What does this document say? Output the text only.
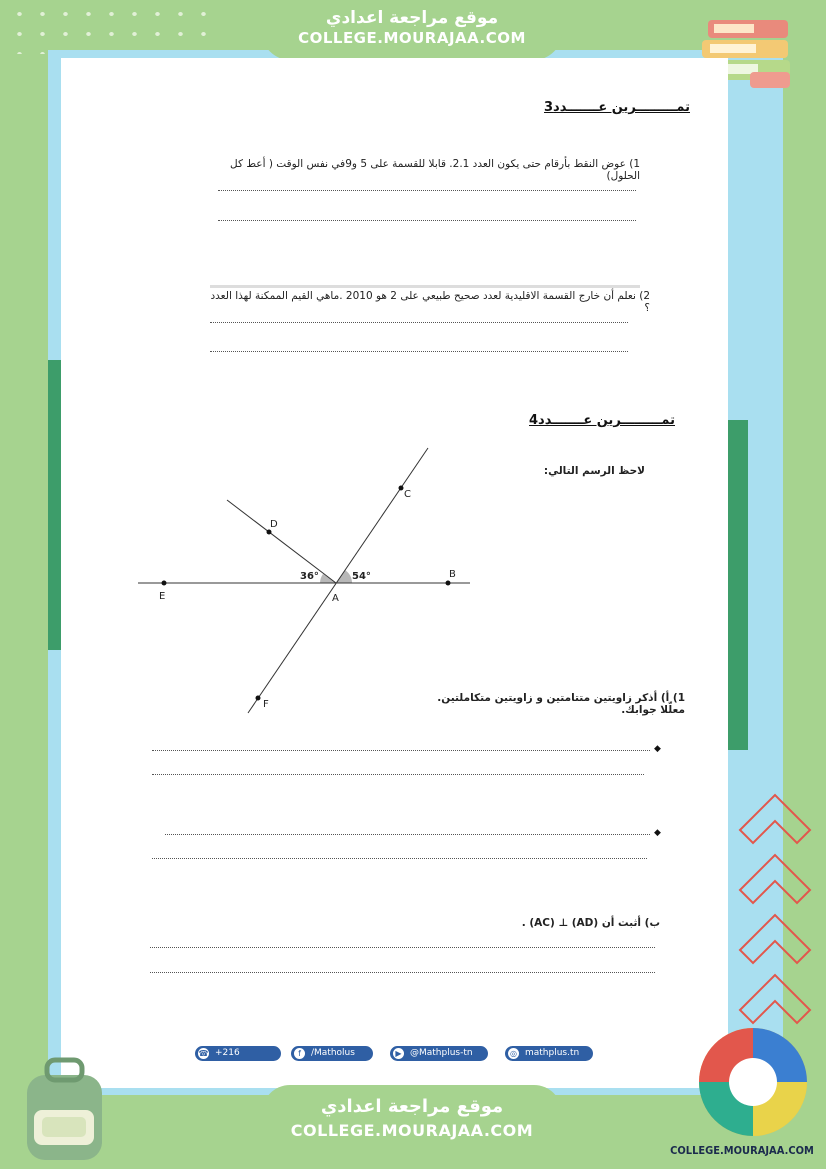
موقع مراجعة اعدادي
COLLEGE.MOURAJAA.COM
تمـــــــــرين عـــــــدد3
1) عوض النقط بأرقام حتى يكون العدد 2.1. قابلا للقسمة على 5 و9في نفس الوقت ( أعط كل الحلول)
2) نعلم أن خارج القسمة الاقليدية لعدد صحيح طبيعي على 2 هو 2010 .ماهي القيم الممكنة لهذا العدد ؟
تمـــــــــرين عـــــــدد4
لاحظ الرسم التالي:
E
B
D
C
F
A
36°	54°
1) أ) أذكر زاويتين متتامتين و زاويتين متكاملتين. معلّلا جوابك.
◆
◆
ب) أثبت أن (AD) ⊥ (AC) .
☎ +216 52061249
f	/Matholus	▶ @Mathplus-tn	◎ mathplus.tn
COLLEGE.MOURAJAA.COM
موقع مراجعة اعدادي
COLLEGE.MOURAJAA.COM
